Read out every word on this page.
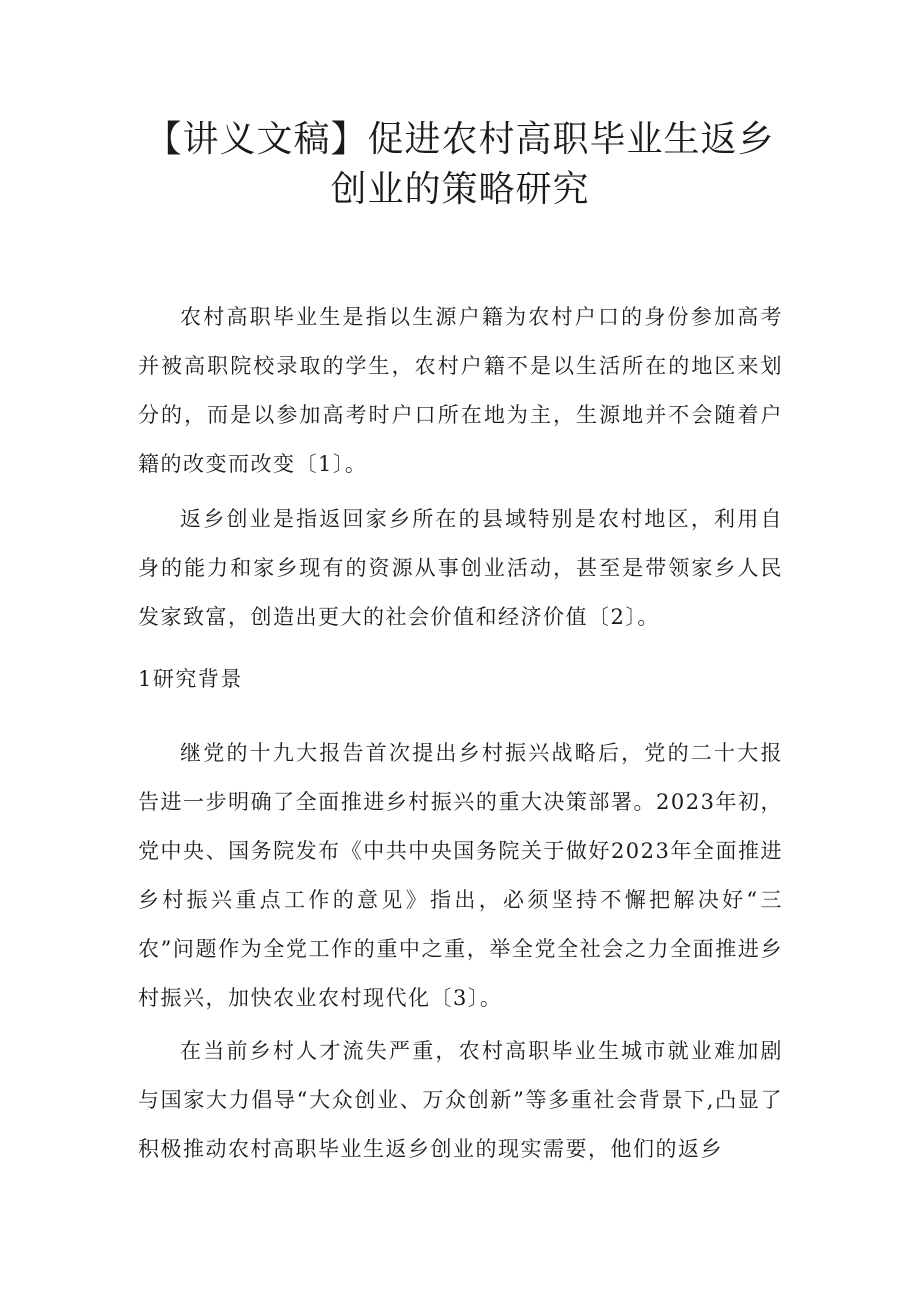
【讲义文稿】促进农村高职毕业生返乡
创业的策略研究

农村高职毕业生是指以生源户籍为农村户口的身份参加高考并被高职院校录取的学生，农村户籍不是以生活所在的地区来划分的，而是以参加高考时户口所在地为主，生源地并不会随着户籍的改变而改变〔1〕。

返乡创业是指返回家乡所在的县域特别是农村地区，利用自身的能力和家乡现有的资源从事创业活动，甚至是带领家乡人民发家致富，创造出更大的社会价值和经济价值〔2〕。

1研究背景

继党的十九大报告首次提出乡村振兴战略后，党的二十大报告进一步明确了全面推进乡村振兴的重大决策部署。2023年初，党中央、国务院发布《中共中央国务院关于做好2023年全面推进乡村振兴重点工作的意见》指出，必须坚持不懈把解决好“三农”问题作为全党工作的重中之重，举全党全社会之力全面推进乡村振兴，加快农业农村现代化〔3〕。

在当前乡村人才流失严重，农村高职毕业生城市就业难加剧与国家大力倡导“大众创业、万众创新”等多重社会背景下,凸显了积极推动农村高职毕业生返乡创业的现实需要，他们的返乡
